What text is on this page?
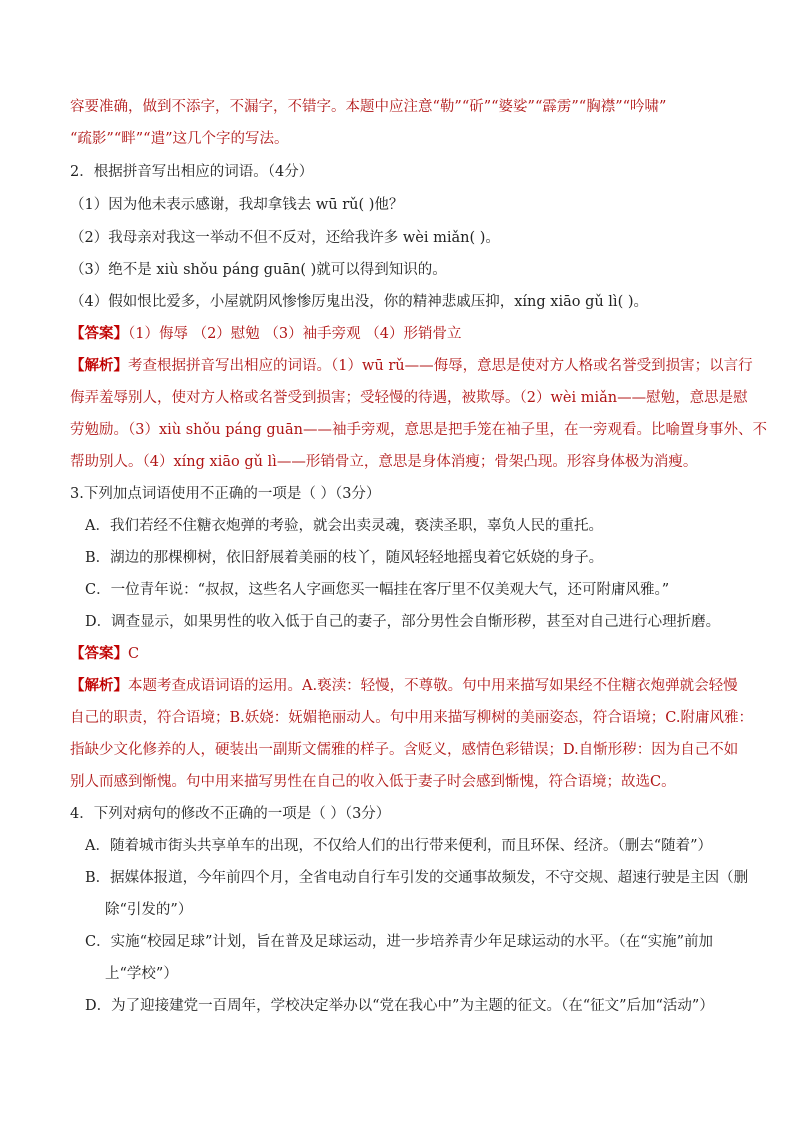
容要准确，做到不添字，不漏字，不错字。本题中应注意“勒”“斫”“婆娑”“霹雳”“胸襟”“吟啸”
“疏影”“畔”“遣”这几个字的写法。
2．根据拼音写出相应的词语。（4分）
（1）因为他未表示感谢，我却拿钱去 wū rǔ( )他？
（2）我母亲对我这一举动不但不反对，还给我许多 wèi miǎn( )。
（3）绝不是 xiù shǒu páng guān( )就可以得到知识的。
（4）假如恨比爱多，小屋就阴风惨惨厉鬼出没，你的精神悲戚压抑，xíng xiāo gǔ lì( )。
【答案】（1）侮辱 （2）慰勉 （3）袖手旁观 （4）形销骨立
【解析】考查根据拼音写出相应的词语。（1）wū rǔ——侮辱，意思是使对方人格或名誉受到损害；以言行
侮弄羞辱别人，使对方人格或名誉受到损害；受轻慢的待遇，被欺辱。（2）wèi miǎn——慰勉，意思是慰
劳勉励。（3）xiù shǒu páng guān——袖手旁观，意思是把手笼在袖子里，在一旁观看。比喻置身事外、不
帮助别人。（4）xíng xiāo gǔ lì——形销骨立，意思是身体消瘦；骨架凸现。形容身体极为消瘦。
3.下列加点词语使用不正确的一项是（ ）（3分）
A．我们若经不住糖衣炮弹的考验，就会出卖灵魂，亵渎圣职，辜负人民的重托。
B．湖边的那棵柳树，依旧舒展着美丽的枝丫，随风轻轻地摇曳着它妖娆的身子。
C．一位青年说：“叔叔，这些名人字画您买一幅挂在客厅里不仅美观大气，还可附庸风雅。”
D．调查显示，如果男性的收入低于自己的妻子，部分男性会自惭形秽，甚至对自己进行心理折磨。
【答案】C
【解析】本题考查成语词语的运用。A.亵渎：轻慢，不尊敬。句中用来描写如果经不住糖衣炮弹就会轻慢
自己的职责，符合语境；B.妖娆：妩媚艳丽动人。句中用来描写柳树的美丽姿态，符合语境；C.附庸风雅：
指缺少文化修养的人，硬装出一副斯文儒雅的样子。含贬义，感情色彩错误；D.自惭形秽：因为自己不如
别人而感到惭愧。句中用来描写男性在自己的收入低于妻子时会感到惭愧，符合语境；故选C。
4．下列对病句的修改不正确的一项是（ ）（3分）
A．随着城市街头共享单车的出现，不仅给人们的出行带来便利，而且环保、经济。（删去“随着”）
B．据媒体报道，今年前四个月，全省电动自行车引发的交通事故频发，不守交规、超速行驶是主因（删
除“引发的”）
C．实施“校园足球”计划，旨在普及足球运动，进一步培养青少年足球运动的水平。（在“实施”前加
上“学校”）
D．为了迎接建党一百周年，学校决定举办以“党在我心中”为主题的征文。（在“征文”后加“活动”）
